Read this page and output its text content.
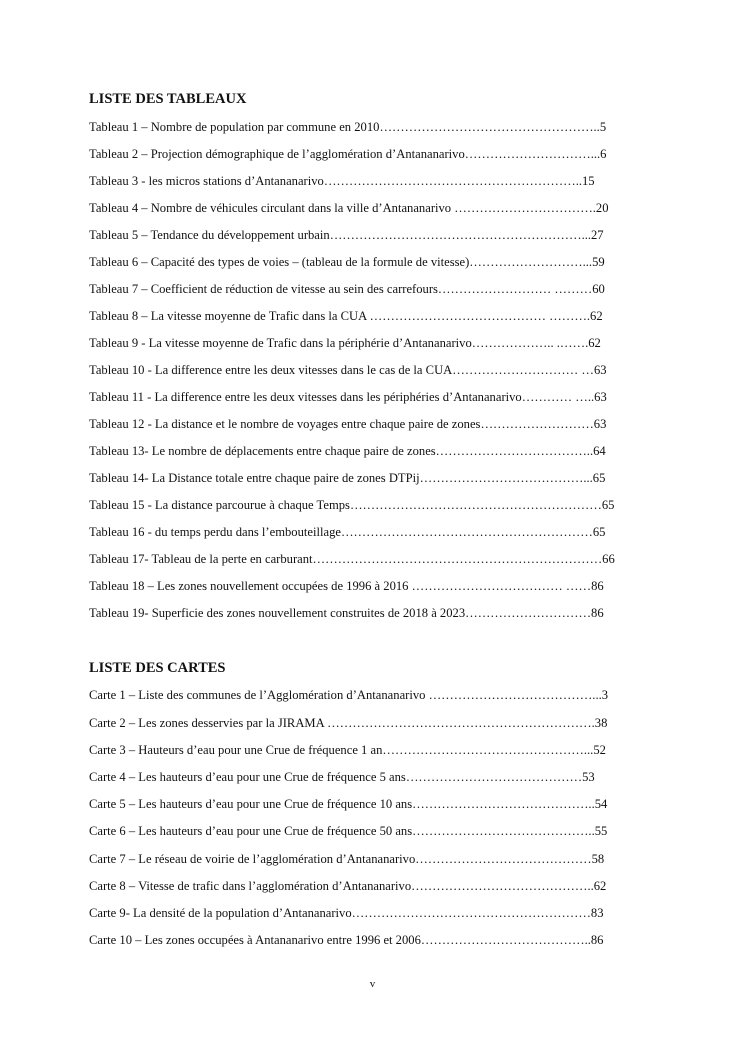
LISTE DES TABLEAUX
Tableau 1 – Nombre de population par commune en 2010……………………………………………..5
Tableau 2 – Projection démographique de l’agglomération d’Antananarivo…………………………...6
Tableau 3 - les micros stations d’Antananarivo……………………………………………………..15
Tableau 4 – Nombre de véhicules circulant dans la ville d’Antananarivo …………………………….20
Tableau 5 – Tendance du développement urbain……………………………………………………...27
Tableau 6 – Capacité des types de voies – (tableau de la formule de vitesse)………………………...59
Tableau 7 – Coefficient de réduction de vitesse au sein des carrefours……………………… ………60
Tableau 8 – La vitesse moyenne de Trafic dans la CUA …………………………………… ……….62
Tableau 9 - La vitesse moyenne de Trafic dans la périphérie d’Antananarivo……………….. .…….62
Tableau 10 - La difference entre les deux vitesses dans le cas de la CUA………………………… …63
Tableau 11 - La difference entre les deux vitesses dans les périphéries d’Antananarivo………… …..63
Tableau 12 - La distance et le nombre de voyages entre chaque paire de zones………………………63
Tableau 13- Le nombre de déplacements entre chaque paire de zones………………………………..64
Tableau 14- La Distance totale entre chaque paire de zones DTPij…………………………………...65
Tableau 15 - La distance parcourue à chaque Temps……………………………………………………65
Tableau 16 - du temps perdu dans l’embouteillage……………………………………………………65
Tableau 17- Tableau de la perte en carburant……………………………………………………………66
Tableau 18 – Les zones nouvellement occupées de 1996 à 2016 ……………………………… ……86
Tableau 19- Superficie des zones nouvellement construites de 2018 à 2023…………………………86
LISTE DES CARTES
Carte 1 – Liste des communes de l’Agglomération d’Antananarivo …………………………………...3
Carte 2 – Les zones desservies par la JIRAMA ……………………………………………………….38
Carte 3 – Hauteurs d’eau pour une Crue de fréquence 1 an…………………………………………...52
Carte 4 – Les hauteurs d’eau pour une Crue de fréquence 5 ans……………………………………53
Carte 5 – Les hauteurs d’eau pour une Crue de fréquence 10 ans……………………………………..54
Carte 6 – Les hauteurs d’eau pour une Crue de fréquence 50 ans……………………………………..55
Carte 7 – Le réseau de voirie de l’agglomération d’Antananarivo……………………………………58
Carte 8 – Vitesse de trafic dans l’agglomération d’Antananarivo……………………………………..62
Carte 9- La densité de la population d’Antananarivo…………………………………………………83
Carte 10 – Les zones occupées à Antananarivo entre 1996 et 2006…………………………………..86
v
